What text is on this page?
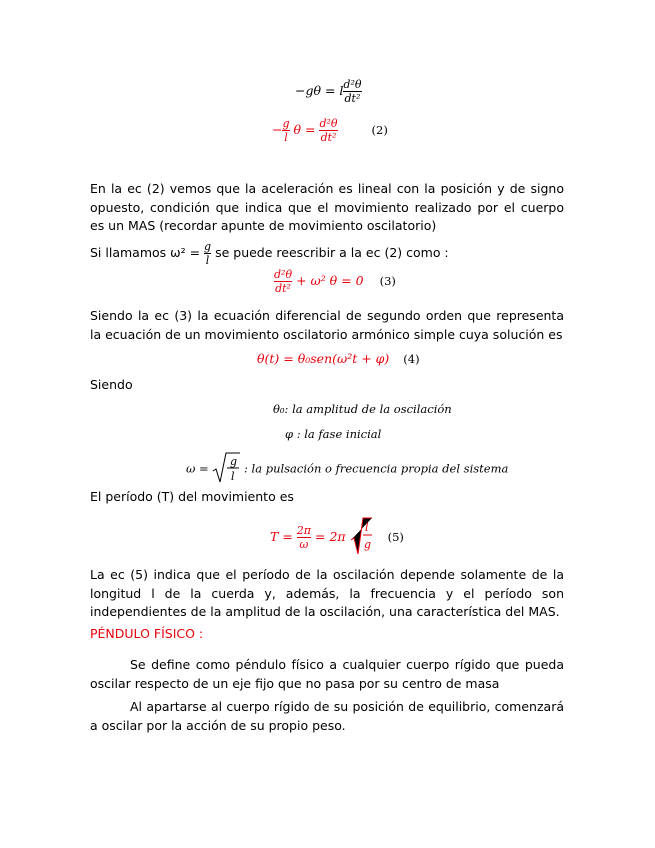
−gθ = l $\frac{\text{d²θ}}{\text{dt²}}$
− $\frac{g}{l}$ $\theta = \frac{\text{d²θ}}{\text{dt²}}$	(2)
En la ec (2) vemos que la aceleración es lineal con la posición y de signo opuesto, condición que indica que el movimiento realizado por el cuerpo es un MAS (recordar apunte de movimiento oscilatorio)
Si llamamos $\omega^2 = \frac{g}{l}$ se puede reescribir a la ec (2) como :
$\frac{\text{d²θ}}{\text{dt²}} + \omega^2$ θ = 0 (3)
Siendo la ec (3) la ecuación diferencial de segundo orden que representa la ecuación de un movimiento oscilatorio armónico simple cuya solución es
θ(t) = θ₀sen(ω²t + φ) (4)
Siendo
θ₀: la amplitud de la oscilación
φ : la fase inicial
ω = g
l
: la pulsación o frecuencia propia del sistema
El período (T) del movimiento es
$T = \frac{2\pi}{\omega} = 2\pi$
l
g
(5)
La ec (5) indica que el período de la oscilación depende solamente de la longitud l de la cuerda y, además, la frecuencia y el período son independientes de la amplitud de la oscilación, una característica del MAS.
PÉNDULO FÍSICO :
Se define como péndulo físico a cualquier cuerpo rígido que pueda oscilar respecto de un eje fijo que no pasa por su centro de masa
Al apartarse al cuerpo rígido de su posición de equilibrio, comenzará a oscilar por la acción de su propio peso.
